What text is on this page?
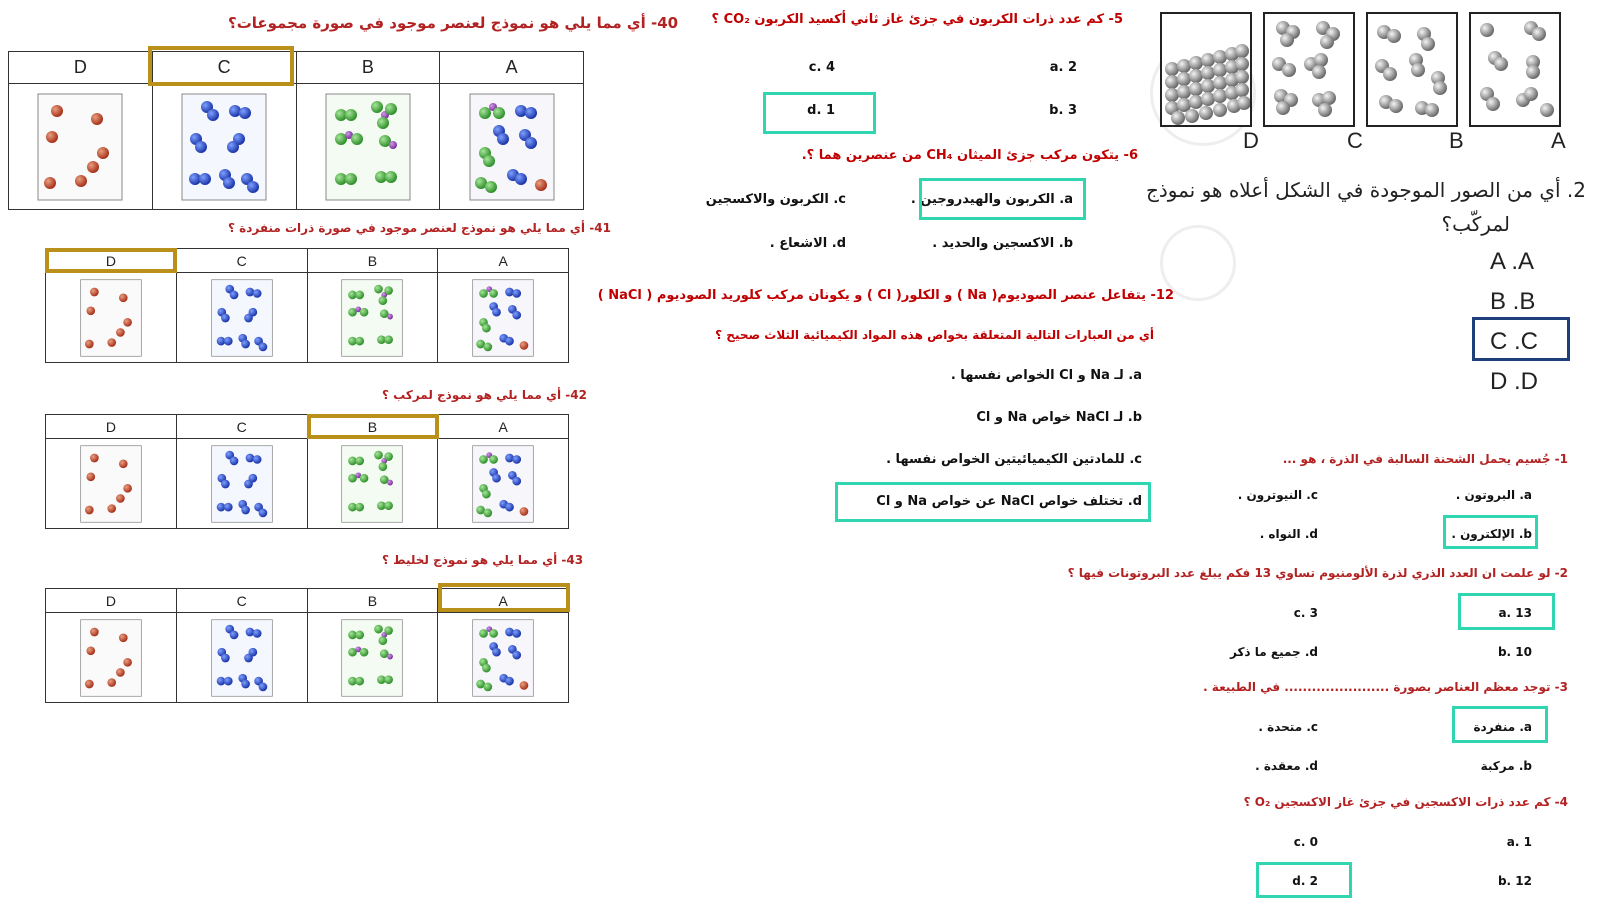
40- أي مما يلي هو نموذج لعنصر موجود في صورة مجموعات؟
D	C	B	A

41- أي مما يلي هو نموذج لعنصر موجود في صورة ذرات منفردة ؟
D	C	B	A

42- أي مما يلي هو نموذج لمركب ؟
D	C	B	A

43- أي مما يلي هو نموذج لخليط ؟
D	C	B	A

5- كم عدد ذرات الكربون في جزئ غاز ثاني أكسيد الكربون CO₂ ؟
2 .a
4 .c
3 .b
1 .d
6- يتكون مركب جزئ الميثان CH₄ من عنصرين هما ؟.
a. الكربون والهيدروجين .
c. الكربون والاكسجين
b. الاكسجين والحديد .
d. الاشعاع .
12- يتفاعل عنصر الصوديوم( Na ) و الكلور( Cl ) و يكونان مركب كلوريد الصوديوم ( NaCl )
أي من العبارات التالية المتعلقة بخواص هذه المواد الكيميائية الثلاث صحيح ؟
a. لـ Na و Cl الخواص نفسها .
b. لـ NaCl خواص Na و Cl
c. للمادتين الكيميائيتين الخواص نفسها .
d. تختلف خواص NaCl عن خواص Na و Cl
D	C	B	A
2. أي من الصور الموجودة في الشكل أعلاه هو نموذج
لمركّب؟
A .A
B .B
C .C
D .D
1- جُسيم يحمل الشحنة السالبة في الذرة ، هو ...
a. البروتون .
c. النيوترون .
b. الإلكترون .
d. النواه .
2- لو علمت ان العدد الذري لذرة الألومنيوم تساوي 13 فكم يبلغ عدد البروتونات فيها ؟
13 .a
3 .c
10 .b
d. جميع ما ذكر
3- توجد معظم العناصر بصورة ....................... في الطبيعة .
a. منفردة
c. متحدة .
b. مركبة
d. معقدة .
4- كم عدد ذرات الاكسجين في جزئ غاز الاكسجين O₂ ؟
1 .a
0 .c
12 .b
2 .d
